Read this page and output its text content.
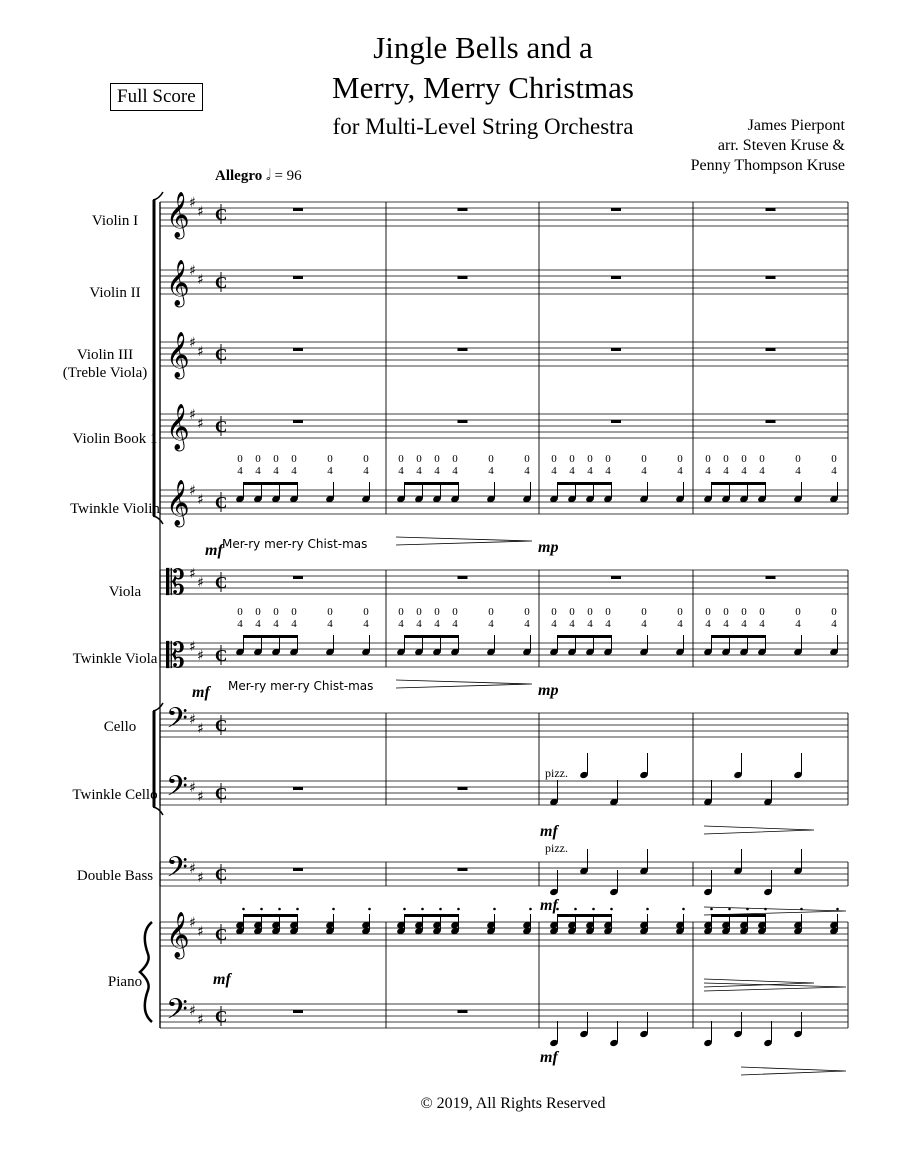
Jingle Bells and a
Merry, Merry Christmas
for Multi-Level String Orchestra	James Pierpont
arr. Steven Kruse &
Penny Thompson Kruse
Full Score
Allegro 𝅗𝅥 = 96
Violin I
Violin II
Violin III (Treble Viola)
Violin Book 1
Twinkle Violin
Viola
Twinkle Viola
Cello
Twinkle Cello
Double Bass
Piano
© 2019, All Rights Reserved
𝄞 ♯
♯ C
𝄞 ♯
♯ C
𝄞 ♯
♯ C
𝄞 ♯
♯ C
𝄞 ♯
♯ C
𝄡 ♯
♯ C
𝄡 ♯
♯ C
𝄢 ♯
♯ C
𝄢 ♯
♯ C
𝄢 ♯
♯ C
𝄞 ♯
♯ C
𝄢 ♯
♯ C
4
0
4
0
4
0
4
0
4
0
4
0
4
0
4
0
4
0
4
0
4
0
4
0
4
0
4
0
4
0
4
0
4
0
4
0
4
0
4
0
4
0
4
0
4
0
4
0
4
0
4
0
4
0
4
0
4
0
4
0
4
0
4
0
4
0
4
0
4
0
4
0
4
0
4
0
4
0
4
0
4
0
4
0
4
0
4
0
4
0
4
0
4
0
4
0
Mer-ry mer-ry Chist-mas
Mer-ry mer-ry Chist-mas
mf	mp
mf	mp
mf
mf
mf
mf
pizz.
pizz.
